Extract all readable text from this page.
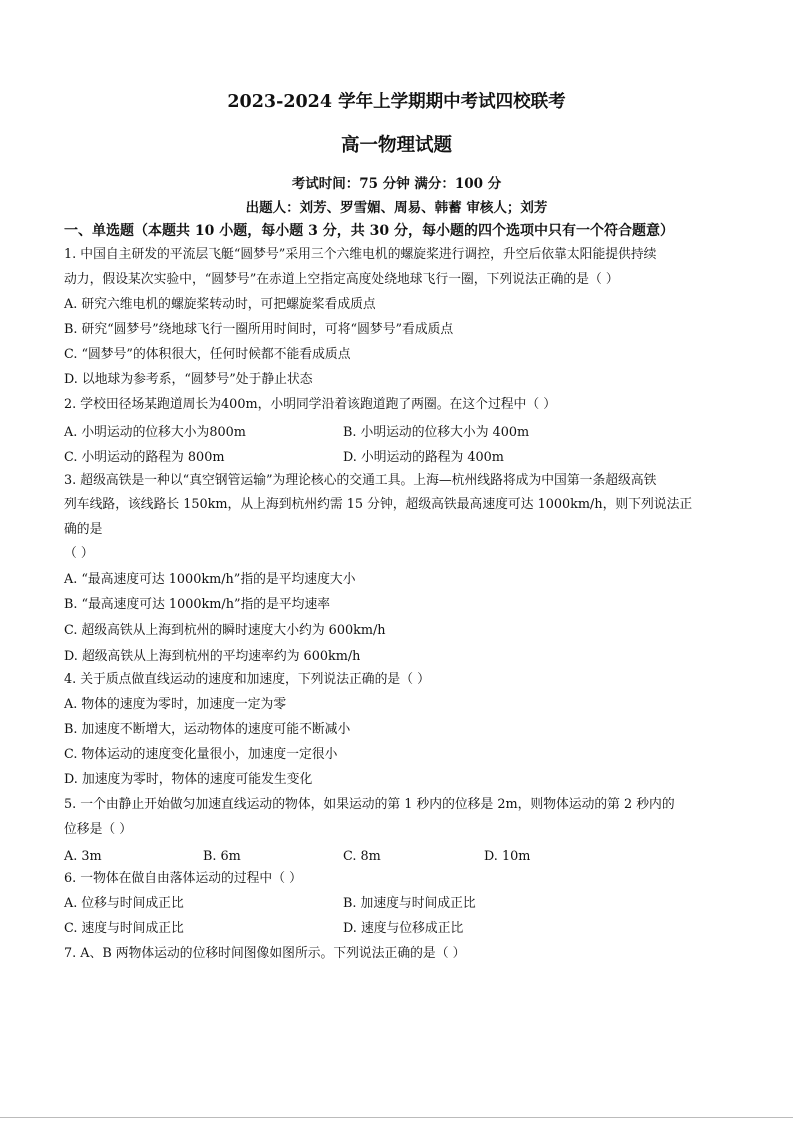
2023-2024 学年上学期期中考试四校联考
高一物理试题
考试时间：75 分钟 满分：100 分
出题人：刘芳、罗雪媚、周易、韩蓄 审核人；刘芳
一、单选题（本题共 10 小题，每小题 3 分，共 30 分，每小题的四个选项中只有一个符合题意）
1. 中国自主研发的平流层飞艇“圆梦号”采用三个六维电机的螺旋桨进行调控，升空后依靠太阳能提供持续
动力，假设某次实验中，“圆梦号”在赤道上空指定高度处绕地球飞行一圈，下列说法正确的是（ ）
A. 研究六维电机的螺旋桨转动时，可把螺旋桨看成质点
B. 研究“圆梦号”绕地球飞行一圈所用时间时，可将“圆梦号”看成质点
C. “圆梦号”的体积很大，任何时候都不能看成质点
D. 以地球为参考系，“圆梦号”处于静止状态
2. 学校田径场某跑道周长为400m，小明同学沿着该跑道跑了两圈。在这个过程中（ ）
A. 小明运动的位移大小为800m	B. 小明运动的位移大小为 400m
C. 小明运动的路程为 800m	D. 小明运动的路程为 400m
3. 超级高铁是一种以“真空钢管运输”为理论核心的交通工具。上海—杭州线路将成为中国第一条超级高铁
列车线路，该线路长 150km，从上海到杭州约需 15 分钟，超级高铁最高速度可达 1000km/h，则下列说法正
确的是
（ ）
A. “最高速度可达 1000km/h”指的是平均速度大小
B. “最高速度可达 1000km/h”指的是平均速率
C. 超级高铁从上海到杭州的瞬时速度大小约为 600km/h
D. 超级高铁从上海到杭州的平均速率约为 600km/h
4. 关于质点做直线运动的速度和加速度，下列说法正确的是（ ）
A. 物体的速度为零时，加速度一定为零
B. 加速度不断增大，运动物体的速度可能不断减小
C. 物体运动的速度变化量很小，加速度一定很小
D. 加速度为零时，物体的速度可能发生变化
5. 一个由静止开始做匀加速直线运动的物体，如果运动的第 1 秒内的位移是 2m，则物体运动的第 2 秒内的
位移是（ ）
A. 3m	B. 6m	C. 8m	D. 10m
6. 一物体在做自由落体运动的过程中（ ）
A. 位移与时间成正比	B. 加速度与时间成正比
C. 速度与时间成正比	D. 速度与位移成正比
7. A、B 两物体运动的位移时间图像如图所示。下列说法正确的是（ ）
